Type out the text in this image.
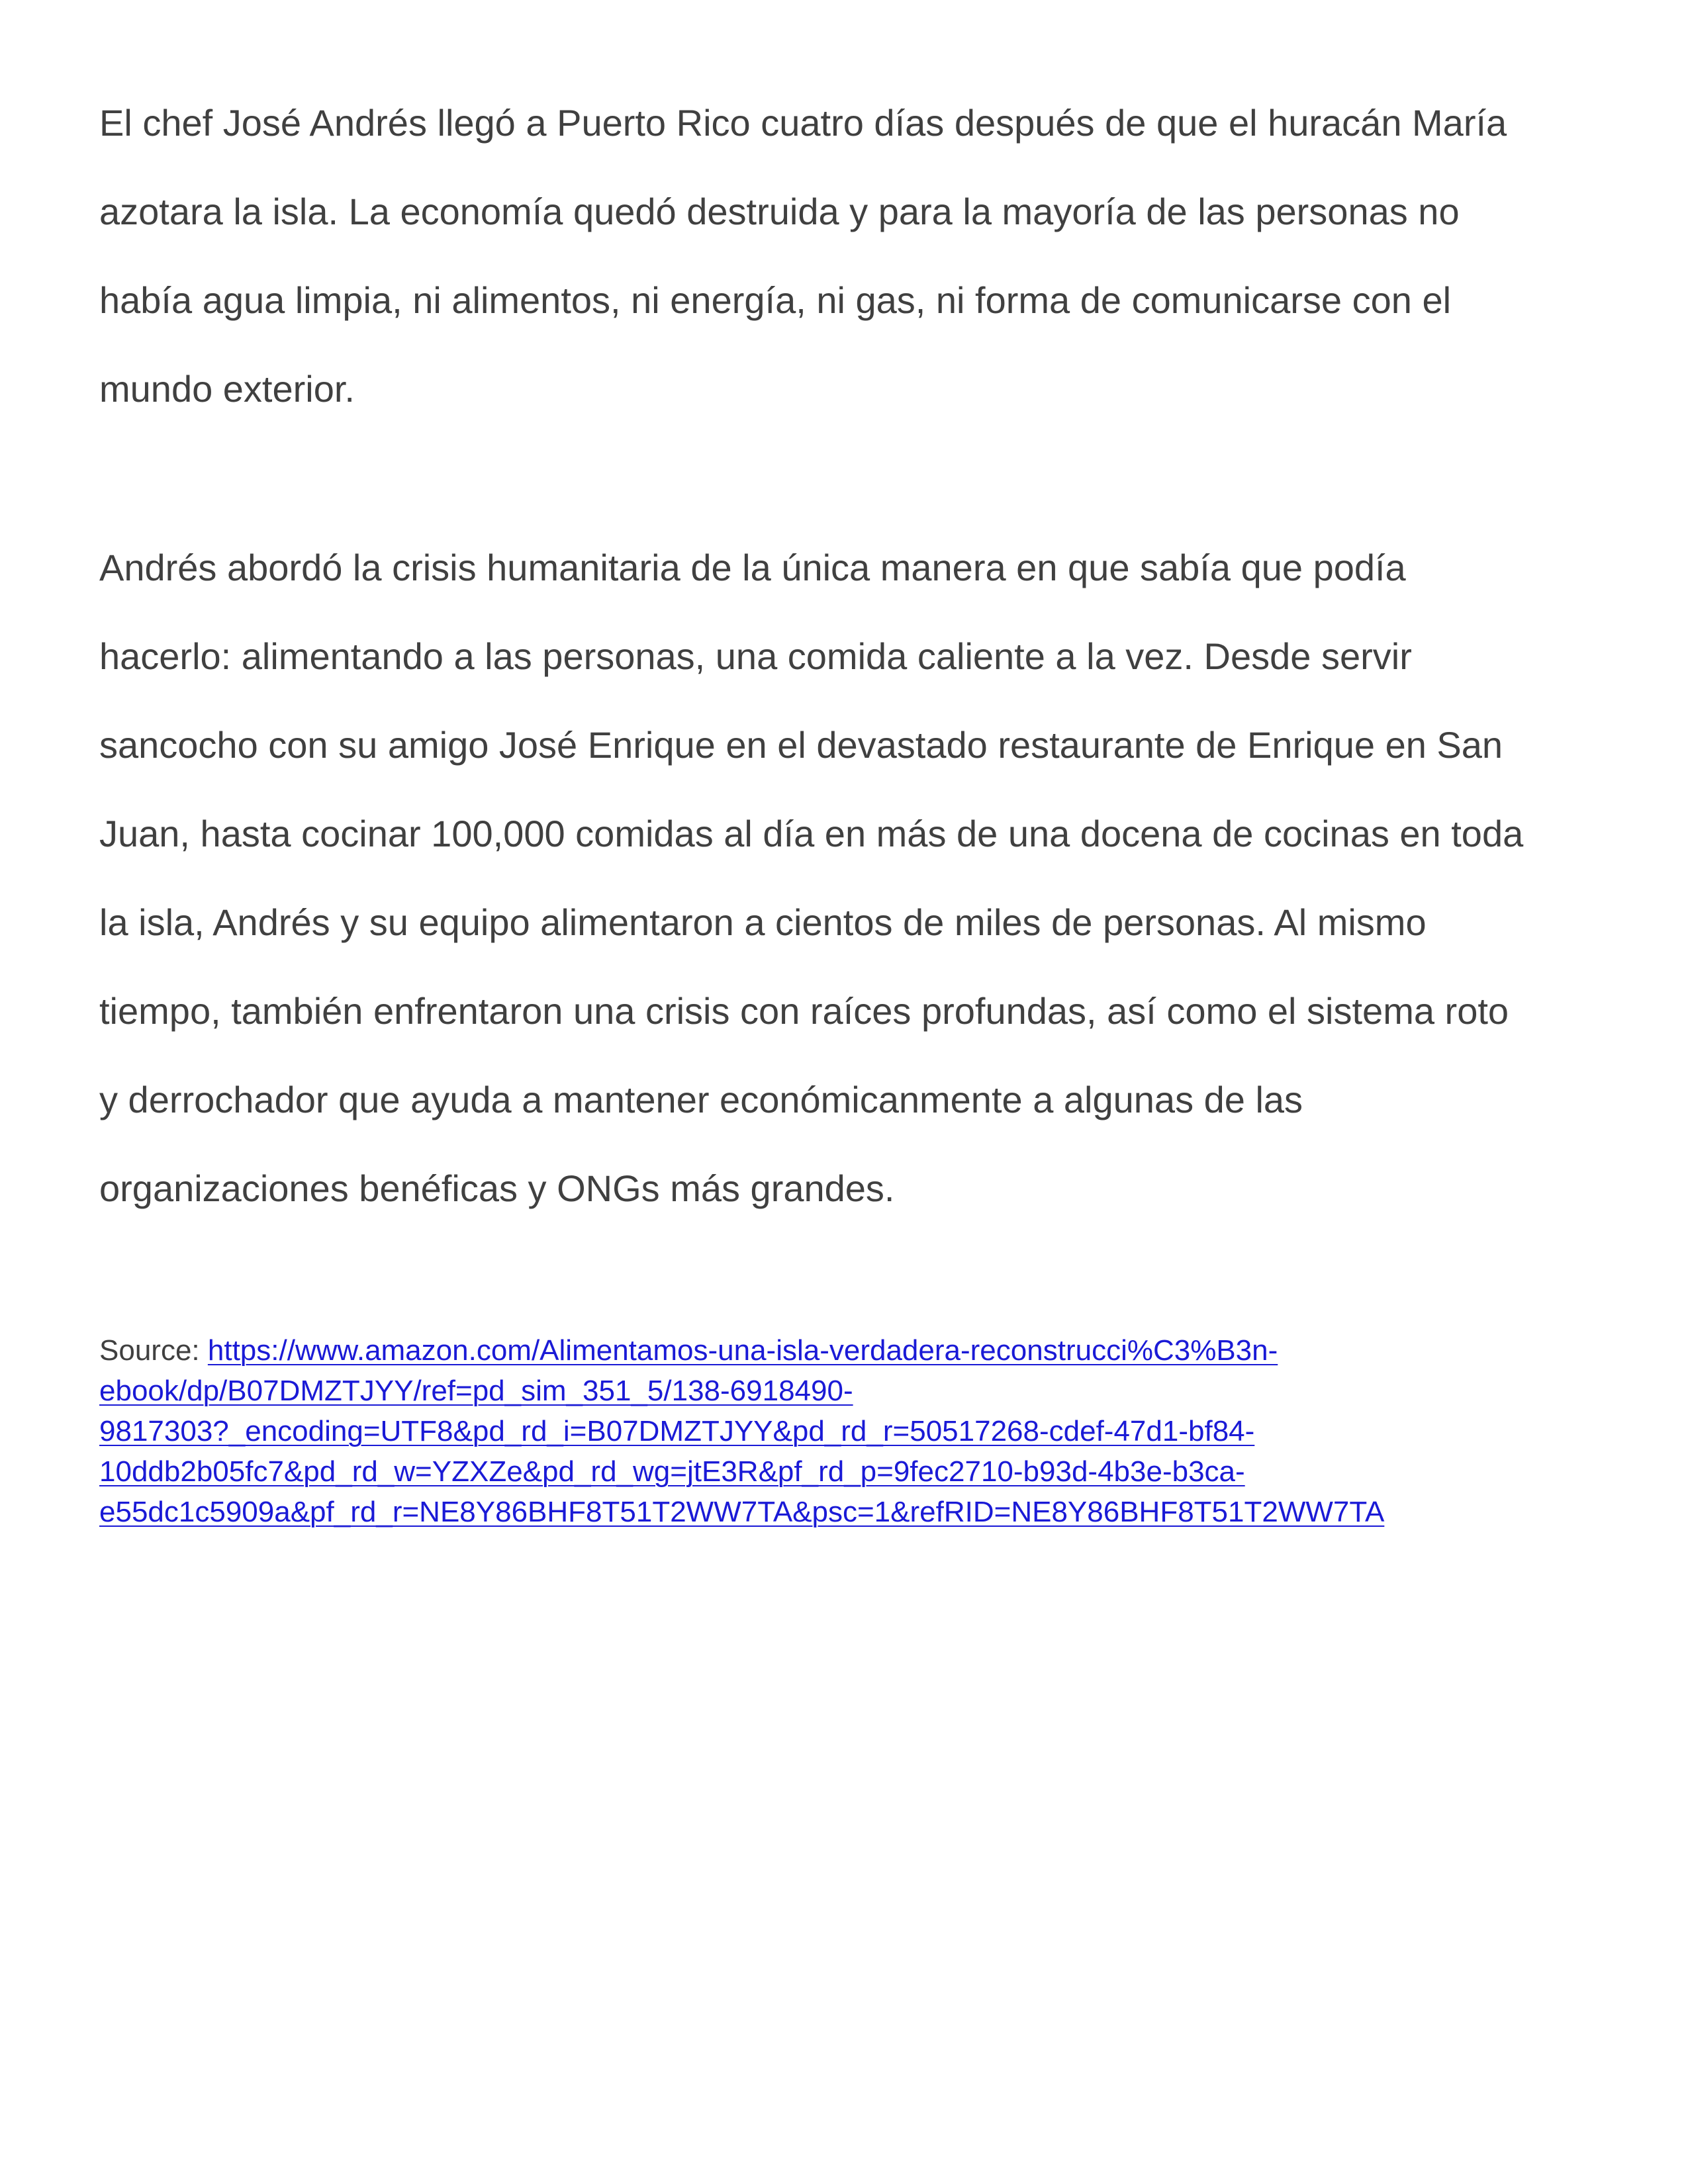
El chef José Andrés llegó a Puerto Rico cuatro días después de que el huracán María
azotara la isla. La economía quedó destruida y para la mayoría de las personas no
había agua limpia, ni alimentos, ni energía, ni gas, ni forma de comunicarse con el
mundo exterior.
Andrés abordó la crisis humanitaria de la única manera en que sabía que podía
hacerlo: alimentando a las personas, una comida caliente a la vez. Desde servir
sancocho con su amigo José Enrique en el devastado restaurante de Enrique en San
Juan, hasta cocinar 100,000 comidas al día en más de una docena de cocinas en toda
la isla, Andrés y su equipo alimentaron a cientos de miles de personas. Al mismo
tiempo, también enfrentaron una crisis con raíces profundas, así como el sistema roto
y derrochador que ayuda a mantener económicanmente a algunas de las
organizaciones benéficas y ONGs más grandes.
Source: https://www.amazon.com/Alimentamos-una-isla-verdadera-reconstrucci%C3%B3n-
ebook/dp/B07DMZTJYY/ref=pd_sim_351_5/138-6918490-
9817303?_encoding=UTF8&pd_rd_i=B07DMZTJYY&pd_rd_r=50517268-cdef-47d1-bf84-
10ddb2b05fc7&pd_rd_w=YZXZe&pd_rd_wg=jtE3R&pf_rd_p=9fec2710-b93d-4b3e-b3ca-
e55dc1c5909a&pf_rd_r=NE8Y86BHF8T51T2WW7TA&psc=1&refRID=NE8Y86BHF8T51T2WW7TA
